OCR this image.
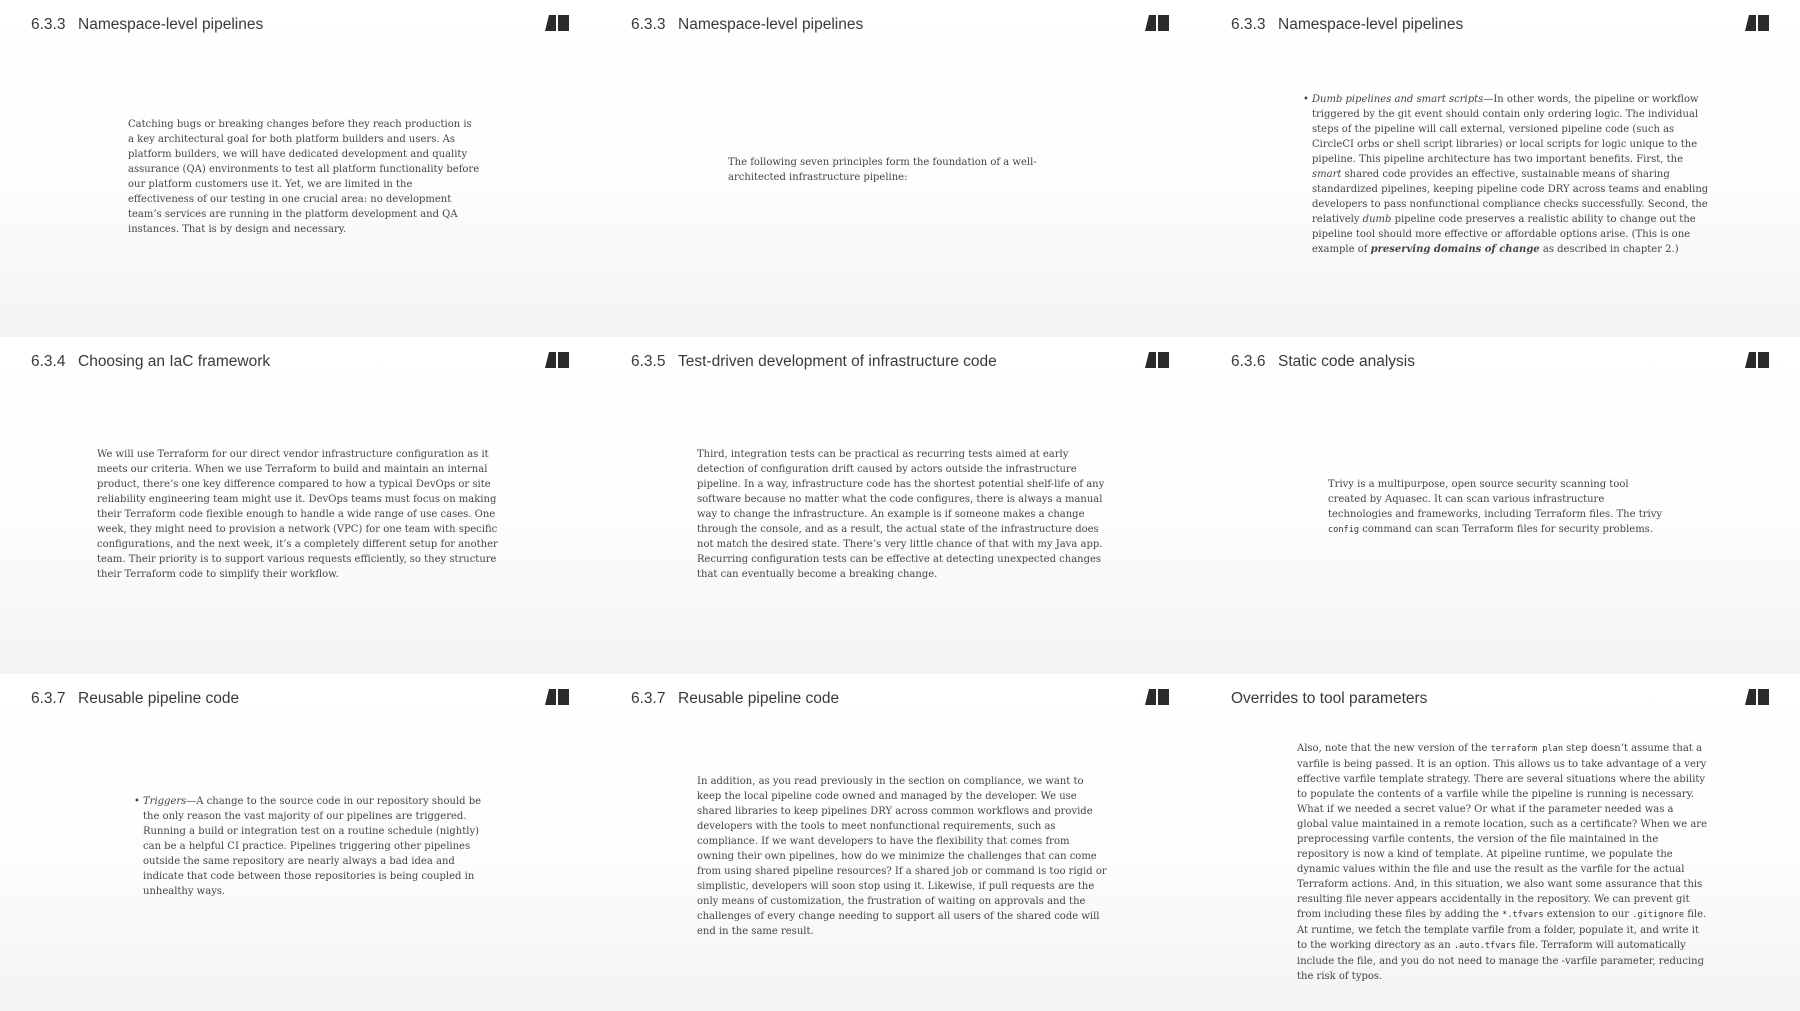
6.3.3 Namespace-level pipelines

Catching bugs or breaking changes before they reach production is a key architectural goal for both platform builders and users. As platform builders, we will have dedicated development and quality assurance (QA) environments to test all platform functionality before our platform customers use it. Yet, we are limited in the effectiveness of our testing in one crucial area: no development team’s services are running in the platform development and QA instances. That is by design and necessary.

6.3.3 Namespace-level pipelines

The following seven principles form the foundation of a well-architected infrastructure pipeline:

6.3.3 Namespace-level pipelines

• Dumb pipelines and smart scripts—In other words, the pipeline or workflow triggered by the git event should contain only ordering logic. The individual steps of the pipeline will call external, versioned pipeline code (such as CircleCI orbs or shell script libraries) or local scripts for logic unique to the pipeline. This pipeline architecture has two important benefits. First, the smart shared code provides an effective, sustainable means of sharing standardized pipelines, keeping pipeline code DRY across teams and enabling developers to pass nonfunctional compliance checks successfully. Second, the relatively dumb pipeline code preserves a realistic ability to change out the pipeline tool should more effective or affordable options arise. (This is one example of preserving domains of change as described in chapter 2.)

6.3.4 Choosing an IaC framework

We will use Terraform for our direct vendor infrastructure configuration as it meets our criteria. When we use Terraform to build and maintain an internal product, there’s one key difference compared to how a typical DevOps or site reliability engineering team might use it. DevOps teams must focus on making their Terraform code flexible enough to handle a wide range of use cases. One week, they might need to provision a network (VPC) for one team with specific configurations, and the next week, it’s a completely different setup for another team. Their priority is to support various requests efficiently, so they structure their Terraform code to simplify their workflow.

6.3.5 Test-driven development of infrastructure code

Third, integration tests can be practical as recurring tests aimed at early detection of configuration drift caused by actors outside the infrastructure pipeline. In a way, infrastructure code has the shortest potential shelf-life of any software because no matter what the code configures, there is always a manual way to change the infrastructure. An example is if someone makes a change through the console, and as a result, the actual state of the infrastructure does not match the desired state. There’s very little chance of that with my Java app. Recurring configuration tests can be effective at detecting unexpected changes that can eventually become a breaking change.

6.3.6 Static code analysis

Trivy is a multipurpose, open source security scanning tool created by Aquasec. It can scan various infrastructure technologies and frameworks, including Terraform files. The trivy config command can scan Terraform files for security problems.

6.3.7 Reusable pipeline code

• Triggers—A change to the source code in our repository should be the only reason the vast majority of our pipelines are triggered. Running a build or integration test on a routine schedule (nightly) can be a helpful CI practice. Pipelines triggering other pipelines outside the same repository are nearly always a bad idea and indicate that code between those repositories is being coupled in unhealthy ways.

6.3.7 Reusable pipeline code

In addition, as you read previously in the section on compliance, we want to keep the local pipeline code owned and managed by the developer. We use shared libraries to keep pipelines DRY across common workflows and provide developers with the tools to meet nonfunctional requirements, such as compliance. If we want developers to have the flexibility that comes from owning their own pipelines, how do we minimize the challenges that can come from using shared pipeline resources? If a shared job or command is too rigid or simplistic, developers will soon stop using it. Likewise, if pull requests are the only means of customization, the frustration of waiting on approvals and the challenges of every change needing to support all users of the shared code will end in the same result.

Overrides to tool parameters

Also, note that the new version of the terraform plan step doesn’t assume that a varfile is being passed. It is an option. This allows us to take advantage of a very effective varfile template strategy. There are several situations where the ability to populate the contents of a varfile while the pipeline is running is necessary. What if we needed a secret value? Or what if the parameter needed was a global value maintained in a remote location, such as a certificate? When we are preprocessing varfile contents, the version of the file maintained in the repository is now a kind of template. At pipeline runtime, we populate the dynamic values within the file and use the result as the varfile for the actual Terraform actions. And, in this situation, we also want some assurance that this resulting file never appears accidentally in the repository. We can prevent git from including these files by adding the *.tfvars extension to our .gitignore file. At runtime, we fetch the template varfile from a folder, populate it, and write it to the working directory as an .auto.tfvars file. Terraform will automatically include the file, and you do not need to manage the -varfile parameter, reducing the risk of typos.
